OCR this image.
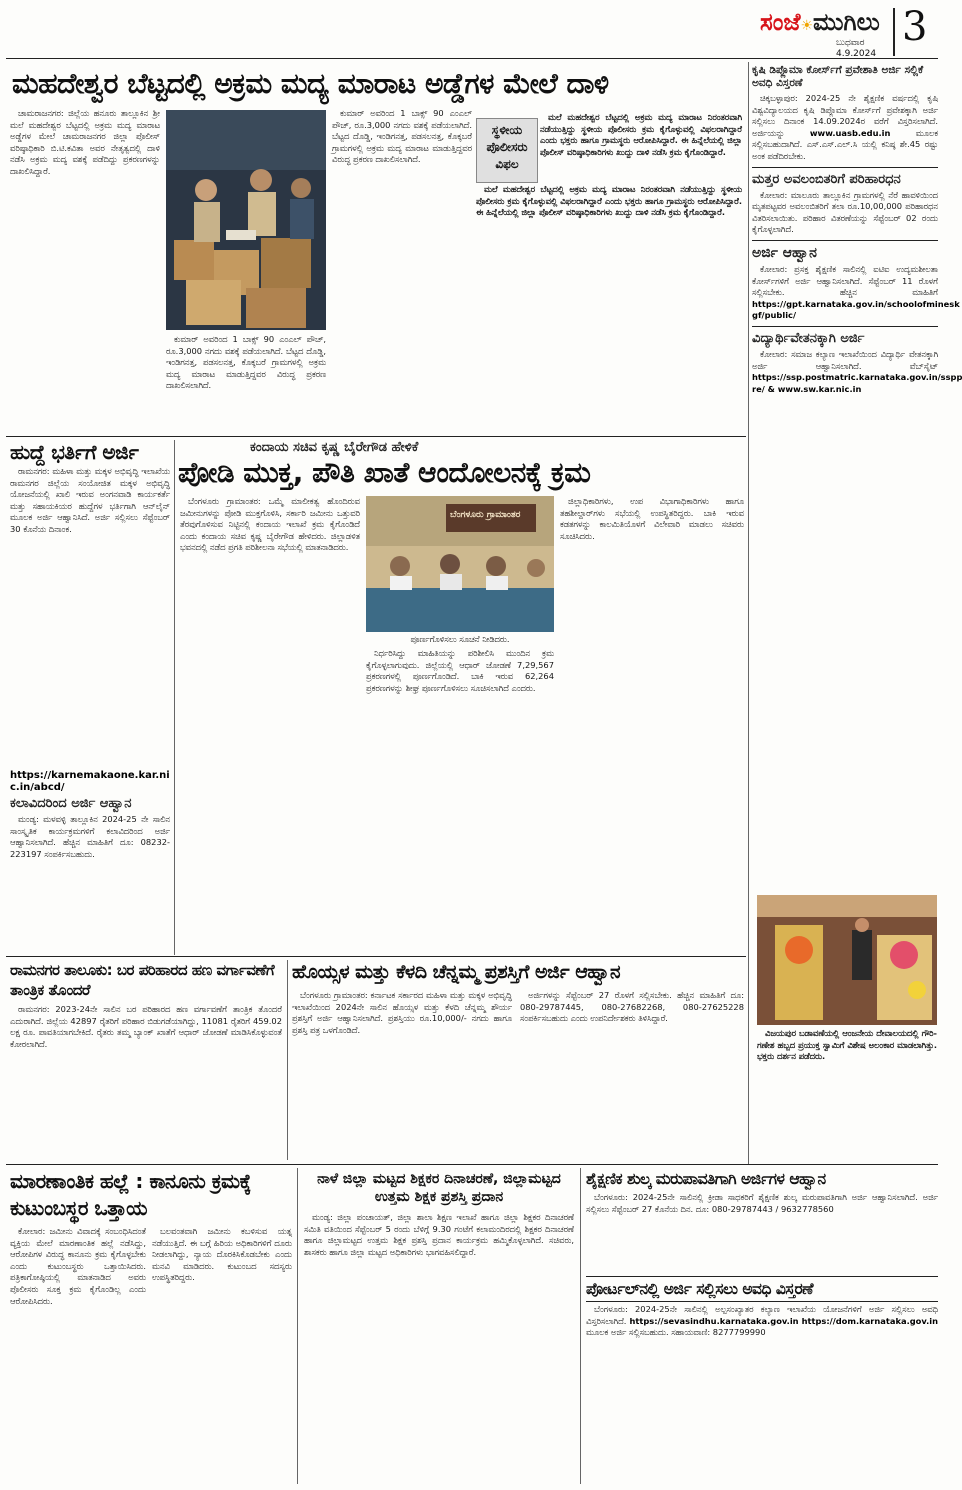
ಸಂಜೆ☀ಮುಗಿಲು
ಬುಧವಾರ
4.9.2024
3
ಮಹದೇಶ್ವರ ಬೆಟ್ಟದಲ್ಲಿ ಅಕ್ರಮ ಮದ್ಯ ಮಾರಾಟ ಅಡ್ಡೆಗಳ ಮೇಲೆ ದಾಳಿ

ಚಾಮರಾಜನಗರ: ಜಿಲ್ಲೆಯ ಹನೂರು ತಾಲ್ಲೂಕಿನ ಶ್ರೀ ಮಲೆ ಮಹದೇಶ್ವರ ಬೆಟ್ಟದಲ್ಲಿ ಅಕ್ರಮ ಮದ್ಯ ಮಾರಾಟ ಅಡ್ಡೆಗಳ ಮೇಲೆ ಚಾಮರಾಜನಗರ ಜಿಲ್ಲಾ ಪೊಲೀಸ್ ವರಿಷ್ಠಾಧಿಕಾರಿ ಬಿ.ಟಿ.ಕವಿತಾ ಅವರ ನೇತೃತ್ವದಲ್ಲಿ ದಾಳಿ ನಡೆಸಿ ಅಕ್ರಮ ಮದ್ಯ ವಶಕ್ಕೆ ಪಡೆದಿದ್ದು ಪ್ರಕರಣಗಳನ್ನು ದಾಖಲಿಸಿದ್ದಾರೆ.

ಕುಮಾರ್ ಅವರಿಂದ 1 ಬಾಕ್ಸ್ 90 ಎಂಎಲ್ ಪೌಚ್, ರೂ.3,000 ನಗದು ವಶಕ್ಕೆ ಪಡೆಯಲಾಗಿದೆ. ಬೆಟ್ಟದ ದೊಡ್ಡಿ, ಇಂಡಿಗನತ್ತ, ಪಡಸಲನತ್ತ, ಕೊಕ್ಕಬರೆ ಗ್ರಾಮಗಳಲ್ಲಿ ಅಕ್ರಮ ಮದ್ಯ ಮಾರಾಟ ಮಾಡುತ್ತಿದ್ದವರ ವಿರುದ್ಧ ಪ್ರಕರಣ ದಾಖಲಿಸಲಾಗಿದೆ.

ಕುಮಾರ್ ಅವರಿಂದ 1 ಬಾಕ್ಸ್ 90 ಎಂಎಲ್ ಪೌಚ್, ರೂ.3,000 ನಗದು ವಶಕ್ಕೆ ಪಡೆಯಲಾಗಿದೆ. ಬೆಟ್ಟದ ದೊಡ್ಡಿ, ಇಂಡಿಗನತ್ತ, ಪಡಸಲನತ್ತ, ಕೊಕ್ಕಬರೆ ಗ್ರಾಮಗಳಲ್ಲಿ ಅಕ್ರಮ ಮದ್ಯ ಮಾರಾಟ ಮಾಡುತ್ತಿದ್ದವರ ವಿರುದ್ಧ ಪ್ರಕರಣ ದಾಖಲಿಸಲಾಗಿದೆ.

ಸ್ಥಳೀಯ ಪೊಲೀಸರು ವಿಫಲ

ಮಲೆ ಮಹದೇಶ್ವರ ಬೆಟ್ಟದಲ್ಲಿ ಅಕ್ರಮ ಮದ್ಯ ಮಾರಾಟ ನಿರಂತರವಾಗಿ ನಡೆಯುತ್ತಿದ್ದು ಸ್ಥಳೀಯ ಪೊಲೀಸರು ಕ್ರಮ ಕೈಗೊಳ್ಳುವಲ್ಲಿ ವಿಫಲರಾಗಿದ್ದಾರೆ ಎಂದು ಭಕ್ತರು ಹಾಗೂ ಗ್ರಾಮಸ್ಥರು ಆರೋಪಿಸಿದ್ದಾರೆ. ಈ ಹಿನ್ನೆಲೆಯಲ್ಲಿ ಜಿಲ್ಲಾ ಪೊಲೀಸ್ ವರಿಷ್ಠಾಧಿಕಾರಿಗಳು ಖುದ್ದು ದಾಳಿ ನಡೆಸಿ ಕ್ರಮ ಕೈಗೊಂಡಿದ್ದಾರೆ.

ಮಲೆ ಮಹದೇಶ್ವರ ಬೆಟ್ಟದಲ್ಲಿ ಅಕ್ರಮ ಮದ್ಯ ಮಾರಾಟ ನಿರಂತರವಾಗಿ ನಡೆಯುತ್ತಿದ್ದು ಸ್ಥಳೀಯ ಪೊಲೀಸರು ಕ್ರಮ ಕೈಗೊಳ್ಳುವಲ್ಲಿ ವಿಫಲರಾಗಿದ್ದಾರೆ ಎಂದು ಭಕ್ತರು ಹಾಗೂ ಗ್ರಾಮಸ್ಥರು ಆರೋಪಿಸಿದ್ದಾರೆ. ಈ ಹಿನ್ನೆಲೆಯಲ್ಲಿ ಜಿಲ್ಲಾ ಪೊಲೀಸ್ ವರಿಷ್ಠಾಧಿಕಾರಿಗಳು ಖುದ್ದು ದಾಳಿ ನಡೆಸಿ ಕ್ರಮ ಕೈಗೊಂಡಿದ್ದಾರೆ.

ಕೃಷಿ ಡಿಪ್ಲೊಮಾ ಕೋರ್ಸ್‌ಗೆ ಪ್ರವೇಶಾತಿ ಅರ್ಜಿ ಸಲ್ಲಿಕೆ ಅವಧಿ ವಿಸ್ತರಣೆ

ಚಿಕ್ಕಬಳ್ಳಾಪುರ: 2024-25 ನೇ ಶೈಕ್ಷಣಿಕ ವರ್ಷದಲ್ಲಿ ಕೃಷಿ ವಿಶ್ವವಿದ್ಯಾಲಯದ ಕೃಷಿ ಡಿಪ್ಲೊಮಾ ಕೋರ್ಸ್‌ಗೆ ಪ್ರವೇಶಕ್ಕಾಗಿ ಅರ್ಜಿ ಸಲ್ಲಿಸಲು ದಿನಾಂಕ 14.09.2024ರ ವರೆಗೆ ವಿಸ್ತರಿಸಲಾಗಿದೆ. ಅರ್ಜಿಯನ್ನು	www.uasb.edu.in	ಮೂಲಕ ಸಲ್ಲಿಸಬಹುದಾಗಿದೆ. ಎಸ್.ಎಸ್.ಎಲ್.ಸಿ ಯಲ್ಲಿ ಕನಿಷ್ಠ ಶೇ.45 ರಷ್ಟು ಅಂಕ ಪಡೆದಿರಬೇಕು.

ಮತ್ತರ ಅವಲಂಬಿತರಿಗೆ ಪರಿಹಾರಧನ

ಕೋಲಾರ: ಮಾಲೂರು ತಾಲ್ಲೂಕಿನ ಗ್ರಾಮಗಳಲ್ಲಿ ನೆರೆ ಹಾವಳಿಯಿಂದ ಮೃತಪಟ್ಟವರ ಅವಲಂಬಿತರಿಗೆ ತಲಾ ರೂ.10,00,000 ಪರಿಹಾರಧನ ವಿತರಿಸಲಾಯಿತು. ಪರಿಹಾರ ವಿತರಣೆಯನ್ನು ಸೆಪ್ಟೆಂಬರ್ 02 ರಂದು ಕೈಗೊಳ್ಳಲಾಗಿದೆ.

ಅರ್ಜಿ ಆಹ್ವಾನ

ಕೋಲಾರ: ಪ್ರಸಕ್ತ ಶೈಕ್ಷಣಿಕ ಸಾಲಿನಲ್ಲಿ ಐಟಿಐ ಉದ್ಯಮಶೀಲತಾ ಕೋರ್ಸ್‌ಗಳಿಗೆ ಅರ್ಜಿ ಆಹ್ವಾನಿಸಲಾಗಿದೆ. ಸೆಪ್ಟೆಂಬರ್ 11 ರೊಳಗೆ ಸಲ್ಲಿಸಬೇಕು. ಹೆಚ್ಚಿನ ಮಾಹಿತಿಗೆ https://gpt.karnataka.gov.in/schoolofminesk gf/public/

ವಿದ್ಯಾರ್ಥಿವೇತನಕ್ಕಾಗಿ ಅರ್ಜಿ

ಕೋಲಾರ: ಸಮಾಜ ಕಲ್ಯಾಣ ಇಲಾಖೆಯಿಂದ ವಿದ್ಯಾರ್ಥಿ ವೇತನಕ್ಕಾಗಿ ಅರ್ಜಿ ಆಹ್ವಾನಿಸಲಾಗಿದೆ. ವೆಬ್‌ಸೈಟ್ https://ssp.postmatric.karnataka.gov.in/sspp re/ & www.sw.kar.nic.in

ವಿಜಯಪುರ ಬಡಾವಣೆಯಲ್ಲಿ ಆಂಜನೇಯ ದೇವಾಲಯದಲ್ಲಿ ಗೌರಿ-ಗಣೇಶ ಹಬ್ಬದ ಪ್ರಯುಕ್ತ ಸ್ವಾಮಿಗೆ ವಿಶೇಷ ಅಲಂಕಾರ ಮಾಡಲಾಗಿತ್ತು. ಭಕ್ತರು ದರ್ಶನ ಪಡೆದರು.

ಹುದ್ದೆ ಭರ್ತಿಗೆ ಅರ್ಜಿ

ರಾಮನಗರ: ಮಹಿಳಾ ಮತ್ತು ಮಕ್ಕಳ ಅಭಿವೃದ್ಧಿ ಇಲಾಖೆಯ ರಾಮನಗರ ಜಿಲ್ಲೆಯ ಸಂಯೋಜಿತ ಮಕ್ಕಳ ಅಭಿವೃದ್ಧಿ ಯೋಜನೆಯಲ್ಲಿ ಖಾಲಿ ಇರುವ ಅಂಗನವಾಡಿ ಕಾರ್ಯಕರ್ತೆ ಮತ್ತು ಸಹಾಯಕಿಯರ ಹುದ್ದೆಗಳ ಭರ್ತಿಗಾಗಿ ಆನ್‌ಲೈನ್ ಮೂಲಕ ಅರ್ಜಿ ಆಹ್ವಾನಿಸಿದೆ. ಅರ್ಜಿ ಸಲ್ಲಿಸಲು ಸೆಪ್ಟೆಂಬರ್ 30 ಕೊನೆಯ ದಿನಾಂಕ.

https://karnemakaone.kar.nic.in/abcd/
ಕಲಾವಿದರಿಂದ ಅರ್ಜಿ ಆಹ್ವಾನ

ಮಂಡ್ಯ: ಮಳವಳ್ಳಿ ತಾಲ್ಲೂಕಿನ 2024-25 ನೇ ಸಾಲಿನ ಸಾಂಸ್ಕೃತಿಕ ಕಾರ್ಯಕ್ರಮಗಳಿಗೆ ಕಲಾವಿದರಿಂದ ಅರ್ಜಿ ಆಹ್ವಾನಿಸಲಾಗಿದೆ. ಹೆಚ್ಚಿನ ಮಾಹಿತಿಗೆ ದೂ: 08232-223197 ಸಂಪರ್ಕಿಸಬಹುದು.

ಕಂದಾಯ ಸಚಿವ ಕೃಷ್ಣ ಬೈರೇಗೌಡ ಹೇಳಿಕೆ
ಪೋಡಿ ಮುಕ್ತ, ಪೌತಿ ಖಾತೆ ಆಂದೋಲನಕ್ಕೆ ಕ್ರಮ

ಬೆಂಗಳೂರು ಗ್ರಾಮಾಂತರ: ಒಮ್ಮೆ ಮಾಲೀಕತ್ವ ಹೊಂದಿರುವ ಜಮೀನುಗಳನ್ನು ಪೋಡಿ ಮುಕ್ತಗೊಳಿಸಿ, ಸರ್ಕಾರಿ ಜಮೀನು ಒತ್ತುವರಿ ತೆರವುಗೊಳಿಸುವ ನಿಟ್ಟಿನಲ್ಲಿ ಕಂದಾಯ ಇಲಾಖೆ ಕ್ರಮ ಕೈಗೊಂಡಿದೆ ಎಂದು ಕಂದಾಯ ಸಚಿವ ಕೃಷ್ಣ ಬೈರೇಗೌಡ ಹೇಳಿದರು. ಜಿಲ್ಲಾಡಳಿತ ಭವನದಲ್ಲಿ ನಡೆದ ಪ್ರಗತಿ ಪರಿಶೀಲನಾ ಸಭೆಯಲ್ಲಿ ಮಾತನಾಡಿದರು.

ಬೆಂಗಳೂರು ಗ್ರಾಮಾಂತರ
ಪೂರ್ಣಗೊಳಿಸಲು ಸೂಚನೆ ನೀಡಿದರು.

ನಿರ್ಧರಿಸಿದ್ದು ಮಾಹಿತಿಯನ್ನು ಪರಿಶೀಲಿಸಿ ಮುಂದಿನ ಕ್ರಮ ಕೈಗೊಳ್ಳಲಾಗುವುದು. ಜಿಲ್ಲೆಯಲ್ಲಿ ಆಧಾರ್ ಜೋಡಣೆ 7,29,567 ಪ್ರಕರಣಗಳಲ್ಲಿ ಪೂರ್ಣಗೊಂಡಿದೆ. ಬಾಕಿ ಇರುವ 62,264 ಪ್ರಕರಣಗಳನ್ನು ಶೀಘ್ರ ಪೂರ್ಣಗೊಳಿಸಲು ಸೂಚಿಸಲಾಗಿದೆ ಎಂದರು.

ಜಿಲ್ಲಾಧಿಕಾರಿಗಳು, ಉಪ ವಿಭಾಗಾಧಿಕಾರಿಗಳು ಹಾಗೂ ತಹಶೀಲ್ದಾರ್‌ಗಳು ಸಭೆಯಲ್ಲಿ ಉಪಸ್ಥಿತರಿದ್ದರು. ಬಾಕಿ ಇರುವ ಕಡತಗಳನ್ನು ಕಾಲಮಿತಿಯೊಳಗೆ ವಿಲೇವಾರಿ ಮಾಡಲು ಸಚಿವರು ಸೂಚಿಸಿದರು.

ರಾಮನಗರ ತಾಲೂಕು: ಬರ ಪರಿಹಾರದ ಹಣ ವರ್ಗಾವಣೆಗೆ ತಾಂತ್ರಿಕ ತೊಂದರೆ

ರಾಮನಗರ: 2023-24ನೇ ಸಾಲಿನ ಬರ ಪರಿಹಾರದ ಹಣ ವರ್ಗಾವಣೆಗೆ ತಾಂತ್ರಿಕ ತೊಂದರೆ ಎದುರಾಗಿದೆ. ಜಿಲ್ಲೆಯ 42897 ರೈತರಿಗೆ ಪರಿಹಾರ ಬಿಡುಗಡೆಯಾಗಿದ್ದು, 11081 ರೈತರಿಗೆ 459.02 ಲಕ್ಷ ರೂ. ಪಾವತಿಯಾಗಬೇಕಿದೆ. ರೈತರು ತಮ್ಮ ಬ್ಯಾಂಕ್ ಖಾತೆಗೆ ಆಧಾರ್ ಜೋಡಣೆ ಮಾಡಿಸಿಕೊಳ್ಳುವಂತೆ ಕೋರಲಾಗಿದೆ.

ಹೊಯ್ಸಳ ಮತ್ತು ಕೆಳದಿ ಚೆನ್ನಮ್ಮ ಪ್ರಶಸ್ತಿಗೆ ಅರ್ಜಿ ಆಹ್ವಾನ

ಬೆಂಗಳೂರು ಗ್ರಾಮಾಂತರ: ಕರ್ನಾಟಕ ಸರ್ಕಾರದ ಮಹಿಳಾ ಮತ್ತು ಮಕ್ಕಳ ಅಭಿವೃದ್ಧಿ ಇಲಾಖೆಯಿಂದ 2024ನೇ ಸಾಲಿನ ಹೊಯ್ಸಳ ಮತ್ತು ಕೆಳದಿ ಚೆನ್ನಮ್ಮ ಶೌರ್ಯ ಪ್ರಶಸ್ತಿಗೆ ಅರ್ಜಿ ಆಹ್ವಾನಿಸಲಾಗಿದೆ. ಪ್ರಶಸ್ತಿಯು ರೂ.10,000/- ನಗದು ಹಾಗೂ ಪ್ರಶಸ್ತಿ ಪತ್ರ ಒಳಗೊಂಡಿದೆ.

ಅರ್ಜಿಗಳನ್ನು ಸೆಪ್ಟೆಂಬರ್ 27 ರೊಳಗೆ ಸಲ್ಲಿಸಬೇಕು. ಹೆಚ್ಚಿನ ಮಾಹಿತಿಗೆ ದೂ: 080-29787445, 080-27682268, 080-27625228 ಸಂಪರ್ಕಿಸಬಹುದು ಎಂದು ಉಪನಿರ್ದೇಶಕರು ತಿಳಿಸಿದ್ದಾರೆ.

ಮಾರಣಾಂತಿಕ ಹಲ್ಲೆ : ಕಾನೂನು ಕ್ರಮಕ್ಕೆ ಕುಟುಂಬಸ್ಥರ ಒತ್ತಾಯ

ಕೋಲಾರ: ಜಮೀನು ವಿವಾದಕ್ಕೆ ಸಂಬಂಧಿಸಿದಂತೆ ವ್ಯಕ್ತಿಯ ಮೇಲೆ ಮಾರಣಾಂತಿಕ ಹಲ್ಲೆ ನಡೆಸಿದ್ದು, ಆರೋಪಿಗಳ ವಿರುದ್ಧ ಕಾನೂನು ಕ್ರಮ ಕೈಗೊಳ್ಳಬೇಕು ಎಂದು ಕುಟುಂಬಸ್ಥರು ಒತ್ತಾಯಿಸಿದರು. ಪತ್ರಿಕಾಗೋಷ್ಠಿಯಲ್ಲಿ ಮಾತನಾಡಿದ ಅವರು ಪೊಲೀಸರು ಸೂಕ್ತ ಕ್ರಮ ಕೈಗೊಂಡಿಲ್ಲ ಎಂದು ಆರೋಪಿಸಿದರು.

ಬಲವಂತವಾಗಿ ಜಮೀನು ಕಬಳಿಸುವ ಯತ್ನ ನಡೆಯುತ್ತಿದೆ. ಈ ಬಗ್ಗೆ ಹಿರಿಯ ಅಧಿಕಾರಿಗಳಿಗೆ ದೂರು ನೀಡಲಾಗಿದ್ದು, ನ್ಯಾಯ ದೊರಕಿಸಿಕೊಡಬೇಕು ಎಂದು ಮನವಿ ಮಾಡಿದರು. ಕುಟುಂಬದ ಸದಸ್ಯರು ಉಪಸ್ಥಿತರಿದ್ದರು.

ನಾಳೆ ಜಿಲ್ಲಾ ಮಟ್ಟದ ಶಿಕ್ಷಕರ ದಿನಾಚರಣೆ, ಜಿಲ್ಲಾಮಟ್ಟದ ಉತ್ತಮ ಶಿಕ್ಷಕ ಪ್ರಶಸ್ತಿ ಪ್ರದಾನ

ಮಂಡ್ಯ: ಜಿಲ್ಲಾ ಪಂಚಾಯತ್, ಜಿಲ್ಲಾ ಶಾಲಾ ಶಿಕ್ಷಣ ಇಲಾಖೆ ಹಾಗೂ ಜಿಲ್ಲಾ ಶಿಕ್ಷಕರ ದಿನಾಚರಣೆ ಸಮಿತಿ ವತಿಯಿಂದ ಸೆಪ್ಟೆಂಬರ್ 5 ರಂದು ಬೆಳಿಗ್ಗೆ 9.30 ಗಂಟೆಗೆ ಕಲಾಮಂದಿರದಲ್ಲಿ ಶಿಕ್ಷಕರ ದಿನಾಚರಣೆ ಹಾಗೂ ಜಿಲ್ಲಾಮಟ್ಟದ ಉತ್ತಮ ಶಿಕ್ಷಕ ಪ್ರಶಸ್ತಿ ಪ್ರದಾನ ಕಾರ್ಯಕ್ರಮ ಹಮ್ಮಿಕೊಳ್ಳಲಾಗಿದೆ. ಸಚಿವರು, ಶಾಸಕರು ಹಾಗೂ ಜಿಲ್ಲಾ ಮಟ್ಟದ ಅಧಿಕಾರಿಗಳು ಭಾಗವಹಿಸಲಿದ್ದಾರೆ.

ಶೈಕ್ಷಣಿಕ ಶುಲ್ಕ ಮರುಪಾವತಿಗಾಗಿ ಅರ್ಜಿಗಳ ಆಹ್ವಾನ

ಬೆಂಗಳೂರು: 2024-25ನೇ ಸಾಲಿನಲ್ಲಿ ಕ್ರೀಡಾ ಸಾಧಕರಿಗೆ ಶೈಕ್ಷಣಿಕ ಶುಲ್ಕ ಮರುಪಾವತಿಗಾಗಿ ಅರ್ಜಿ ಆಹ್ವಾನಿಸಲಾಗಿದೆ. ಅರ್ಜಿ ಸಲ್ಲಿಸಲು ಸೆಪ್ಟೆಂಬರ್ 27 ಕೊನೆಯ ದಿನ. ದೂ: 080-29787443 / 9632778560

ಪೋರ್ಟಲ್‌ನಲ್ಲಿ ಅರ್ಜಿ ಸಲ್ಲಿಸಲು ಅವಧಿ ವಿಸ್ತರಣೆ

ಬೆಂಗಳೂರು: 2024-25ನೇ ಸಾಲಿನಲ್ಲಿ ಅಲ್ಪಸಂಖ್ಯಾತರ ಕಲ್ಯಾಣ ಇಲಾಖೆಯ ಯೋಜನೆಗಳಿಗೆ ಅರ್ಜಿ ಸಲ್ಲಿಸಲು ಅವಧಿ ವಿಸ್ತರಿಸಲಾಗಿದೆ. https://sevasindhu.karnataka.gov.in https://dom.karnataka.gov.in ಮೂಲಕ ಅರ್ಜಿ ಸಲ್ಲಿಸಬಹುದು. ಸಹಾಯವಾಣಿ: 8277799990
